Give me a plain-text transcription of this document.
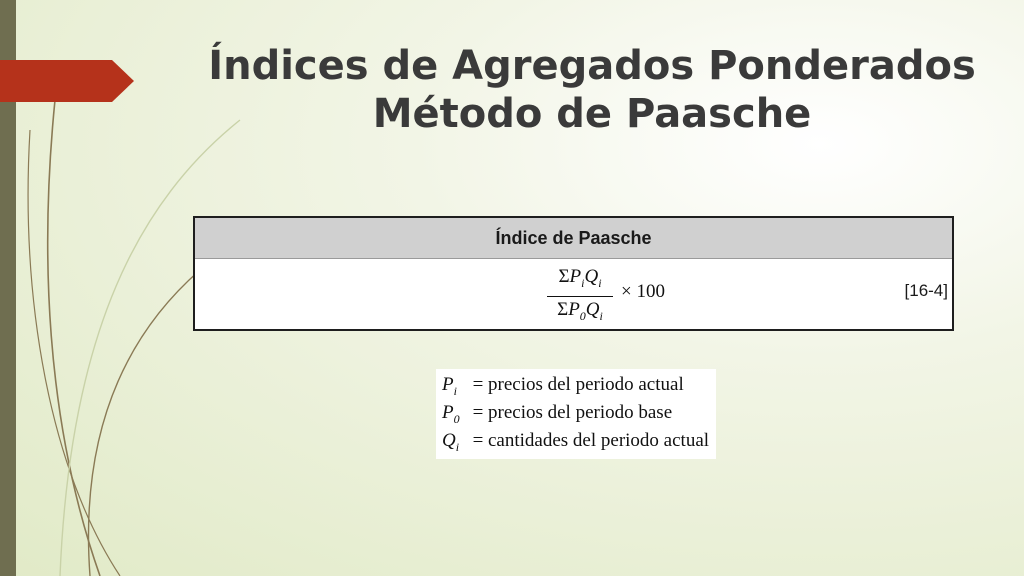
Índices de Agregados Ponderados
Método de Paasche
Índice de Paasche
$\Sigma P_iQ_i$
$\Sigma P_0Q_i$
× 100	[16-4]
$P_i$ = precios del periodo actual
$P_0$ = precios del periodo base
$Q_i$ = cantidades del periodo actual
